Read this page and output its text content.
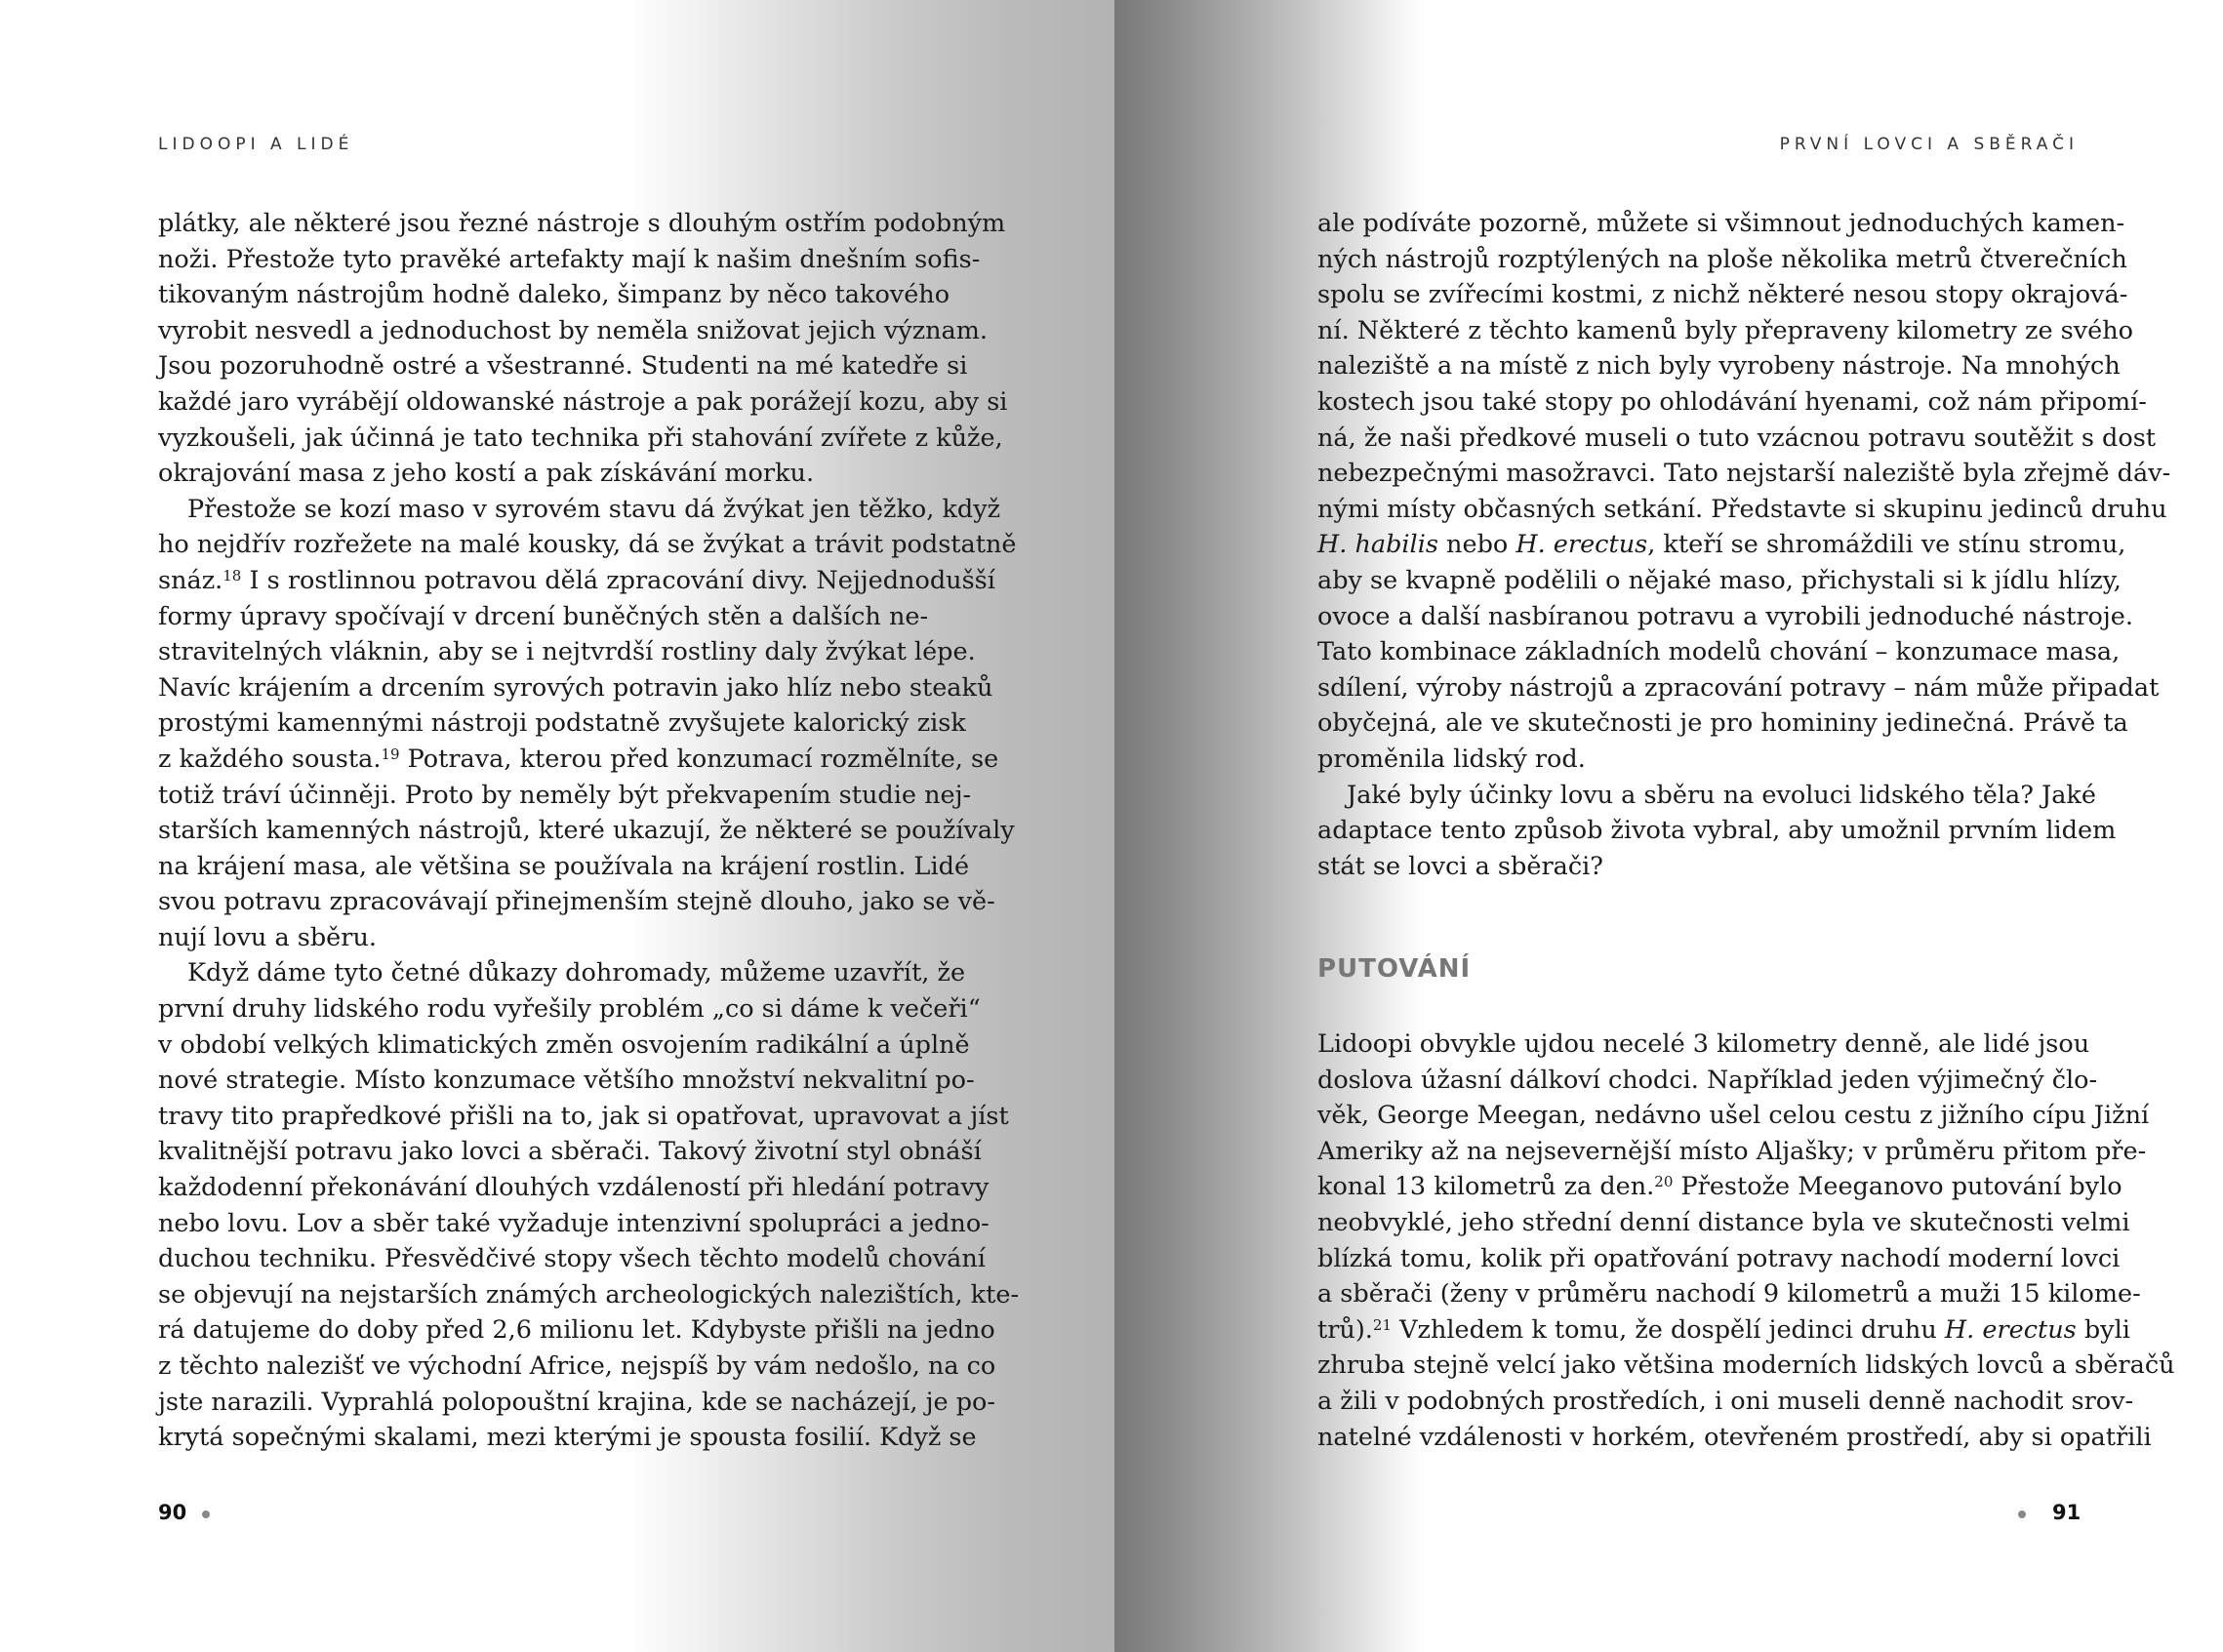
LIDOOPI A LIDÉ	PRVNÍ LOVCI A SBĚRAČI
plátky, ale některé jsou řezné nástroje s dlouhým ostřím podobným
noži. Přestože tyto pravěké artefakty mají k našim dnešním sofis-
tikovaným nástrojům hodně daleko, šimpanz by něco takového
vyrobit nesvedl a jednoduchost by neměla snižovat jejich význam.
Jsou pozoruhodně ostré a všestranné. Studenti na mé katedře si
každé jaro vyrábějí oldowanské nástroje a pak porážejí kozu, aby si
vyzkoušeli, jak účinná je tato technika při stahování zvířete z kůže,
okrajování masa z jeho kostí a pak získávání morku.
Přestože se kozí maso v syrovém stavu dá žvýkat jen těžko, když
ho nejdřív rozřežete na malé kousky, dá se žvýkat a trávit podstatně
snáz.$^{18}$ I s rostlinnou potravou dělá zpracování divy. Nejjednodušší
formy úpravy spočívají v drcení buněčných stěn a dalších ne-
stravitelných vláknin, aby se i nejtvrdší rostliny daly žvýkat lépe.
Navíc krájením a drcením syrových potravin jako hlíz nebo steaků
prostými kamennými nástroji podstatně zvyšujete kalorický zisk
z každého sousta.$^{19}$ Potrava, kterou před konzumací rozmělníte, se
totiž tráví účinněji. Proto by neměly být překvapením studie nej-
starších kamenných nástrojů, které ukazují, že některé se používaly
na krájení masa, ale většina se používala na krájení rostlin. Lidé
svou potravu zpracovávají přinejmenším stejně dlouho, jako se vě-
nují lovu a sběru.
Když dáme tyto četné důkazy dohromady, můžeme uzavřít, že
první druhy lidského rodu vyřešily problém „co si dáme k večeři“
v období velkých klimatických změn osvojením radikální a úplně
nové strategie. Místo konzumace většího množství nekvalitní po-
travy tito prapředkové přišli na to, jak si opatřovat, upravovat a jíst
kvalitnější potravu jako lovci a sběrači. Takový životní styl obnáší
každodenní překonávání dlouhých vzdáleností při hledání potravy
nebo lovu. Lov a sběr také vyžaduje intenzivní spolupráci a jedno-
duchou techniku. Přesvědčivé stopy všech těchto modelů chování
se objevují na nejstarších známých archeologických nalezištích, kte-
rá datujeme do doby před 2,6 milionu let. Kdybyste přišli na jedno
z těchto nalezišť ve východní Africe, nejspíš by vám nedošlo, na co
jste narazili. Vyprahlá polopouštní krajina, kde se nacházejí, je po-
krytá sopečnými skalami, mezi kterými je spousta fosilií. Když se
ale podíváte pozorně, můžete si všimnout jednoduchých kamen-
ných nástrojů rozptýlených na ploše několika metrů čtverečních
spolu se zvířecími kostmi, z nichž některé nesou stopy okrajová-
ní. Některé z těchto kamenů byly přepraveny kilometry ze svého
naleziště a na místě z nich byly vyrobeny nástroje. Na mnohých
kostech jsou také stopy po ohlodávání hyenami, což nám připomí-
ná, že naši předkové museli o tuto vzácnou potravu soutěžit s dost
nebezpečnými masožravci. Tato nejstarší naleziště byla zřejmě dáv-
nými místy občasných setkání. Představte si skupinu jedinců druhu
H. habilis nebo H. erectus, kteří se shromáždili ve stínu stromu,
aby se kvapně podělili o nějaké maso, přichystali si k jídlu hlízy,
ovoce a další nasbíranou potravu a vyrobili jednoduché nástroje.
Tato kombinace základních modelů chování – konzumace masa,
sdílení, výroby nástrojů a zpracování potravy – nám může připadat
obyčejná, ale ve skutečnosti je pro homininy jedinečná. Právě ta
proměnila lidský rod.
Jaké byly účinky lovu a sběru na evoluci lidského těla? Jaké
adaptace tento způsob života vybral, aby umožnil prvním lidem
stát se lovci a sběrači?
PUTOVÁNÍ
Lidoopi obvykle ujdou necelé 3 kilometry denně, ale lidé jsou
doslova úžasní dálkoví chodci. Například jeden výjimečný člo-
věk, George Meegan, nedávno ušel celou cestu z jižního cípu Jižní
Ameriky až na nejsevernější místo Aljašky; v průměru přitom pře-
konal 13 kilometrů za den.$^{20}$ Přestože Meeganovo putování bylo
neobvyklé, jeho střední denní distance byla ve skutečnosti velmi
blízká tomu, kolik při opatřování potravy nachodí moderní lovci
a sběrači (ženy v průměru nachodí 9 kilometrů a muži 15 kilome-
trů).$^{21}$ Vzhledem k tomu, že dospělí jedinci druhu H. erectus byli
zhruba stejně velcí jako většina moderních lidských lovců a sběračů
a žili v podobných prostředích, i oni museli denně nachodit srov-
natelné vzdálenosti v horkém, otevřeném prostředí, aby si opatřili
90	91
